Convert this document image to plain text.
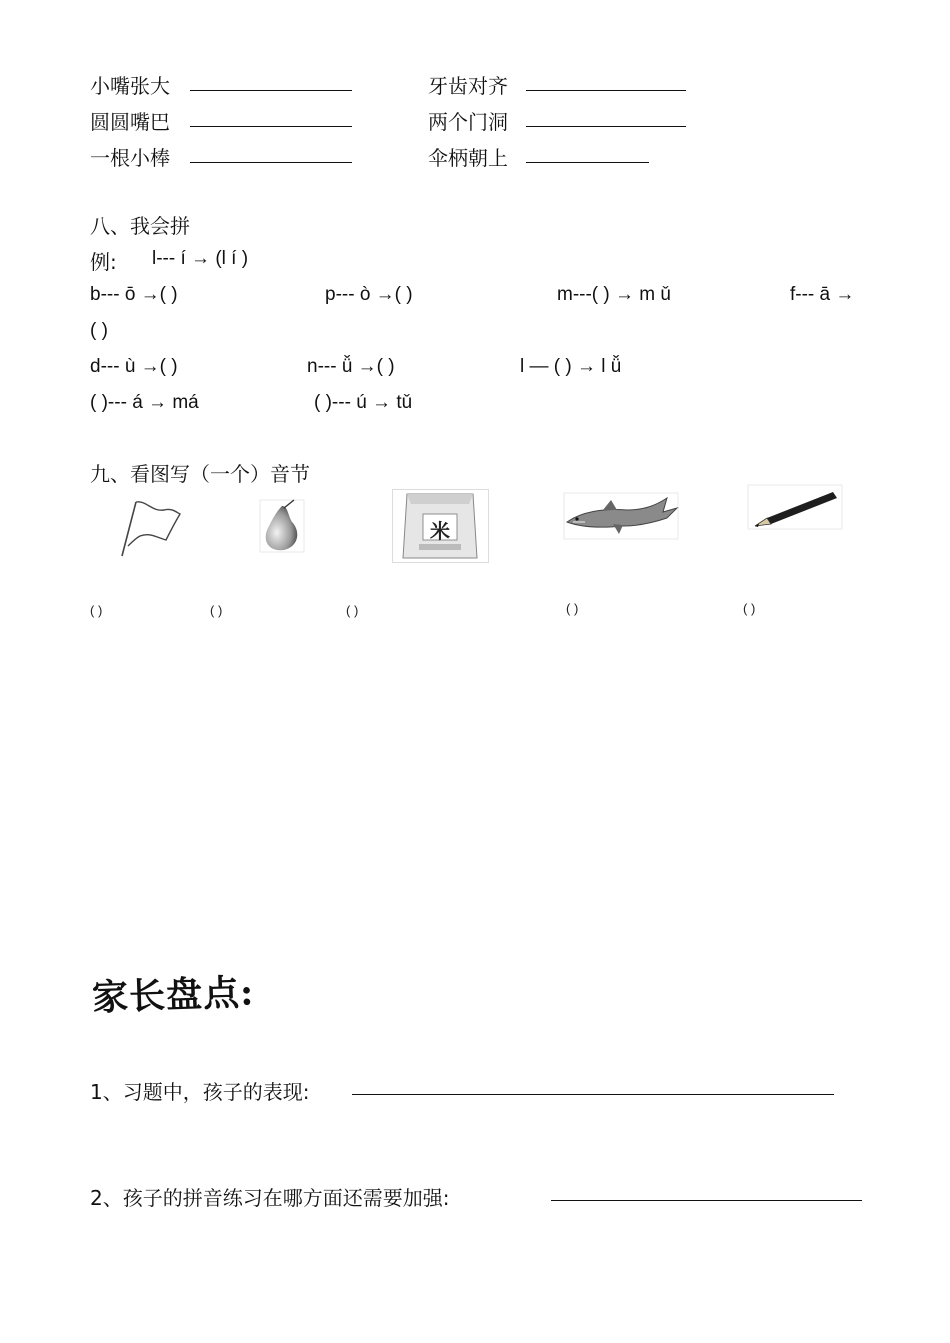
小嘴张大	牙齿对齐
圆圆嘴巴	两个门洞
一根小棒	伞柄朝上
八、我会拼
例: l--- í → (l í )
b--- ō →( )	p--- ò →( )	m---( ) → m ǔ	f--- ā →
( )
d--- ù →( )	n--- ǚ →( )	l — ( ) → l ǚ
( )--- á → má	( )--- ú → tǔ
九、看图写（一个）音节
米
( )	( )	( )	( )	( )
家长盘点:
1、习题中，孩子的表现:
2、孩子的拼音练习在哪方面还需要加强:
